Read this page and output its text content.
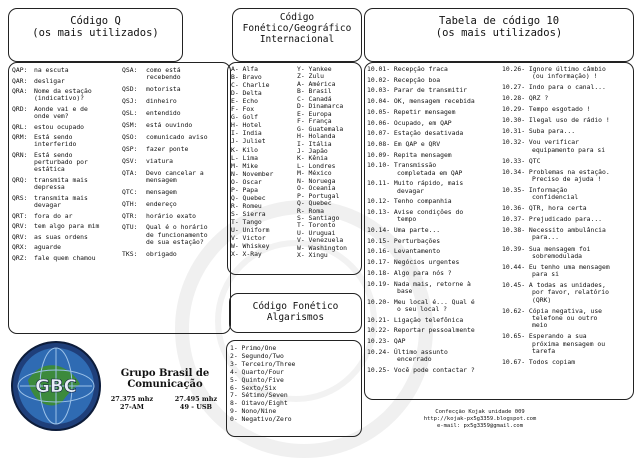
Código Q
(os mais utilizados)
QAP:	na escuta
QAR:	desligar
QRA:	Nome da estação
(indicativo)?
QRD:	Aonde vai e de
onde vem?
QRL:	estou ocupado
QRM:	Está sendo
interferido
QRN:	Está sendo
perturbado por
estática
QRQ:	transmita mais
depressa
QRS:	transmita mais
devagar
QRT:	fora do ar
QRV:	tem algo para mim
QRV:	as suas ordens
QRX:	aguarde
QRZ:	fale quem chamou
QSA:	como está
recebendo
QSD:	motorista
QSJ:	dinheiro
QSL:	entendido
QSM:	está ouvindo
QSO:	comunicado aviso
QSP:	fazer ponte
QSV:	viatura
QTA:	Devo cancelar a
mensagem
QTC:	mensagem
QTH:	endereço
QTR:	horário exato
QTU:	Qual é o horário
de funcionamento
de sua estação?
TKS:	obrigado
Código
Fonético/Geográfico
Internacional
A- Alfa
B- Bravo
C- Charlie
D- Delta
E- Echo
F- Fox
G- Golf
H- Hotel
I- India
J- Juliet
K- Kilo
L- Lima
M- Mike
N- November
O- Oscar
P- Papa
Q- Quebec
R- Romeu
S- Sierra
T- Tango
U- Uniform
V- Victor
W- Whiskey
X- X-Ray
Y- Yankee
Z- Zulu
A- América
B- Brasil
C- Canadá
D- Dinamarca
E- Europa
F- França
G- Guatemala
H- Holanda
I- Itália
J- Japão
K- Kênia
L- Londres
M- México
N- Noruega
O- Oceania
P- Portugal
Q- Quebec
R- Roma
S- Santiago
T- Toronto
U- Uruguai
V- Venezuela
W- Washington
X- Xingu
Código Fonético
Algarismos
1- Primo/One
2- Segundo/Two
3- Terceiro/Three
4- Quarto/Four
5- Quinto/Five
6- Sexto/Six
7- Sétimo/Seven
8- Oitavo/Eight
9- Nono/Nine
0- Negativo/Zero
Tabela de código 10
(os mais utilizados)
10.01- Recepção fraca
10.02- Recepção boa
10.03- Parar de transmitir
10.04- OK, mensagem recebida
10.05- Repetir mensagem
10.06- Ocupado, em QAP
10.07- Estação desativada
10.08- Em QAP e QRV
10.09- Repita mensagem
10.10- Transmissão
completada em QAP
10.11- Muito rápido, mais
devagar
10.12- Tenho companhia
10.13- Avise condições do
tempo
10.14- Uma parte...
10.15- Perturbações
10.16- Levantamento
10.17- Negócios urgentes
10.18- Algo para nós ?
10.19- Nada mais, retorne à
base
10.20- Meu local é... Qual é
o seu local ?
10.21- Ligação telefônica
10.22- Reportar pessoalmente
10.23- QAP
10.24- Último assunto
encerrado
10.25- Você pode contactar ?
10.26- Ignore último câmbio
(ou informação) !
10.27- Indo para o canal...
10.28- QRZ ?
10.29- Tempo esgotado !
10.30- Ilegal uso de rádio !
10.31- Suba para...
10.32- Vou verificar
equipamento para si
10.33- QTC
10.34- Problemas na estação.
Preciso de ajuda !
10.35- Informação
confidencial
10.36- QTR, hora certa
10.37- Prejudicado para...
10.38- Necessito ambulância
para...
10.39- Sua mensagem foi
sobremodulada
10.44- Eu tenho uma mensagem
para si
10.45- A todas as unidades,
por favor, relatório
(QRK)
10.62- Cópia negativa, use
telefone ou outro
meio
10.65- Esperando a sua
próxima mensagem ou
tarefa
10.67- Todos copiam
GBC
Grupo Brasil de
Comunicação
27.375 mhz
27-AM
27.495 mhz
49 - USB
Confecção Kojak unidade 009
http://kojak-px5g3359.blogspot.com
e-mail: px5g3359@gmail.com
